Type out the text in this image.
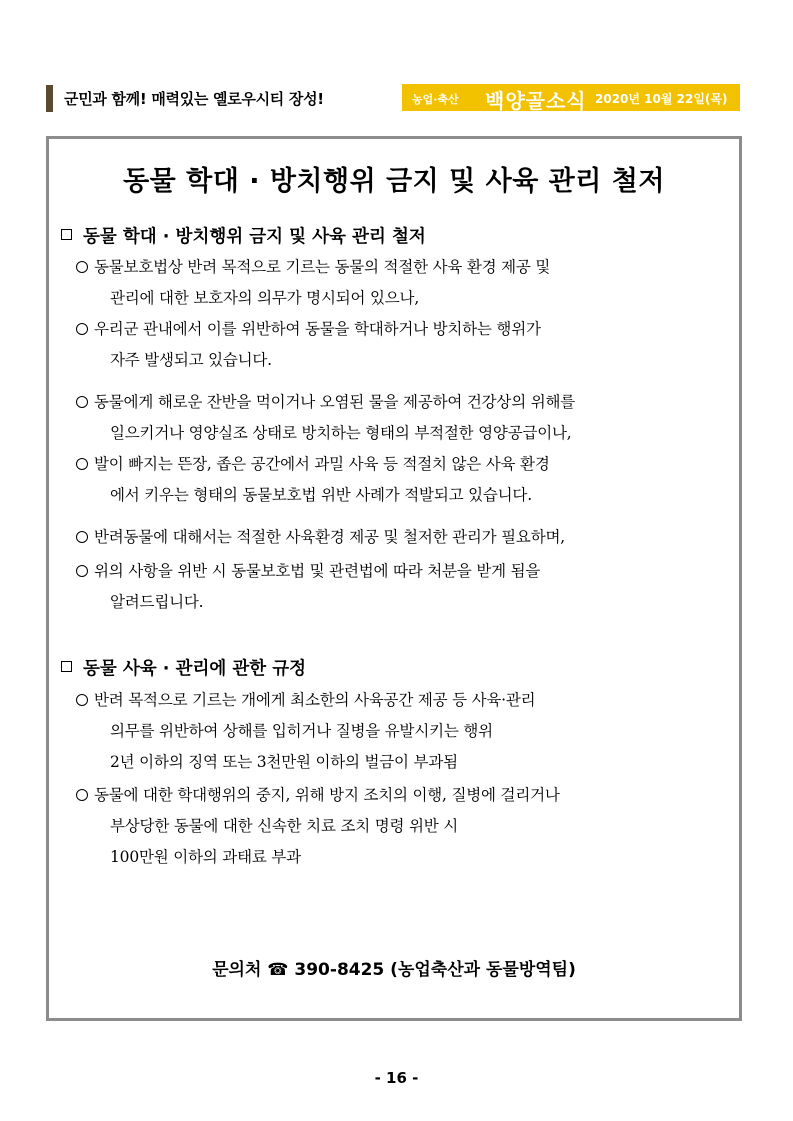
군민과 함께! 매력있는 옐로우시티 장성!	농업·축산 백양골소식 2020년 10월 22일(목)
동물 학대 · 방치행위 금지 및 사육 관리 철저
동물 학대 · 방치행위 금지 및 사육 관리 철저
동물보호법상 반려 목적으로 기르는 동물의 적절한 사육 환경 제공 및
관리에 대한 보호자의 의무가 명시되어 있으나,
우리군 관내에서 이를 위반하여 동물을 학대하거나 방치하는 행위가
자주 발생되고 있습니다.
동물에게 해로운 잔반을 먹이거나 오염된 물을 제공하여 건강상의 위해를
일으키거나 영양실조 상태로 방치하는 형태의 부적절한 영양공급이나,
발이 빠지는 뜬장, 좁은 공간에서 과밀 사육 등 적절치 않은 사육 환경
에서 키우는 형태의 동물보호법 위반 사례가 적발되고 있습니다.
반려동물에 대해서는 적절한 사육환경 제공 및 철저한 관리가 필요하며,
위의 사항을 위반 시 동물보호법 및 관련법에 따라 처분을 받게 됨을
알려드립니다.
동물 사육 · 관리에 관한 규정
반려 목적으로 기르는 개에게 최소한의 사육공간 제공 등 사육·관리
의무를 위반하여 상해를 입히거나 질병을 유발시키는 행위
2년 이하의 징역 또는 3천만원 이하의 벌금이 부과됨
동물에 대한 학대행위의 중지, 위해 방지 조치의 이행, 질병에 걸리거나
부상당한 동물에 대한 신속한 치료 조치 명령 위반 시
100만원 이하의 과태료 부과
문의처 ☎ 390-8425 (농업축산과 동물방역팀)
- 16 -
